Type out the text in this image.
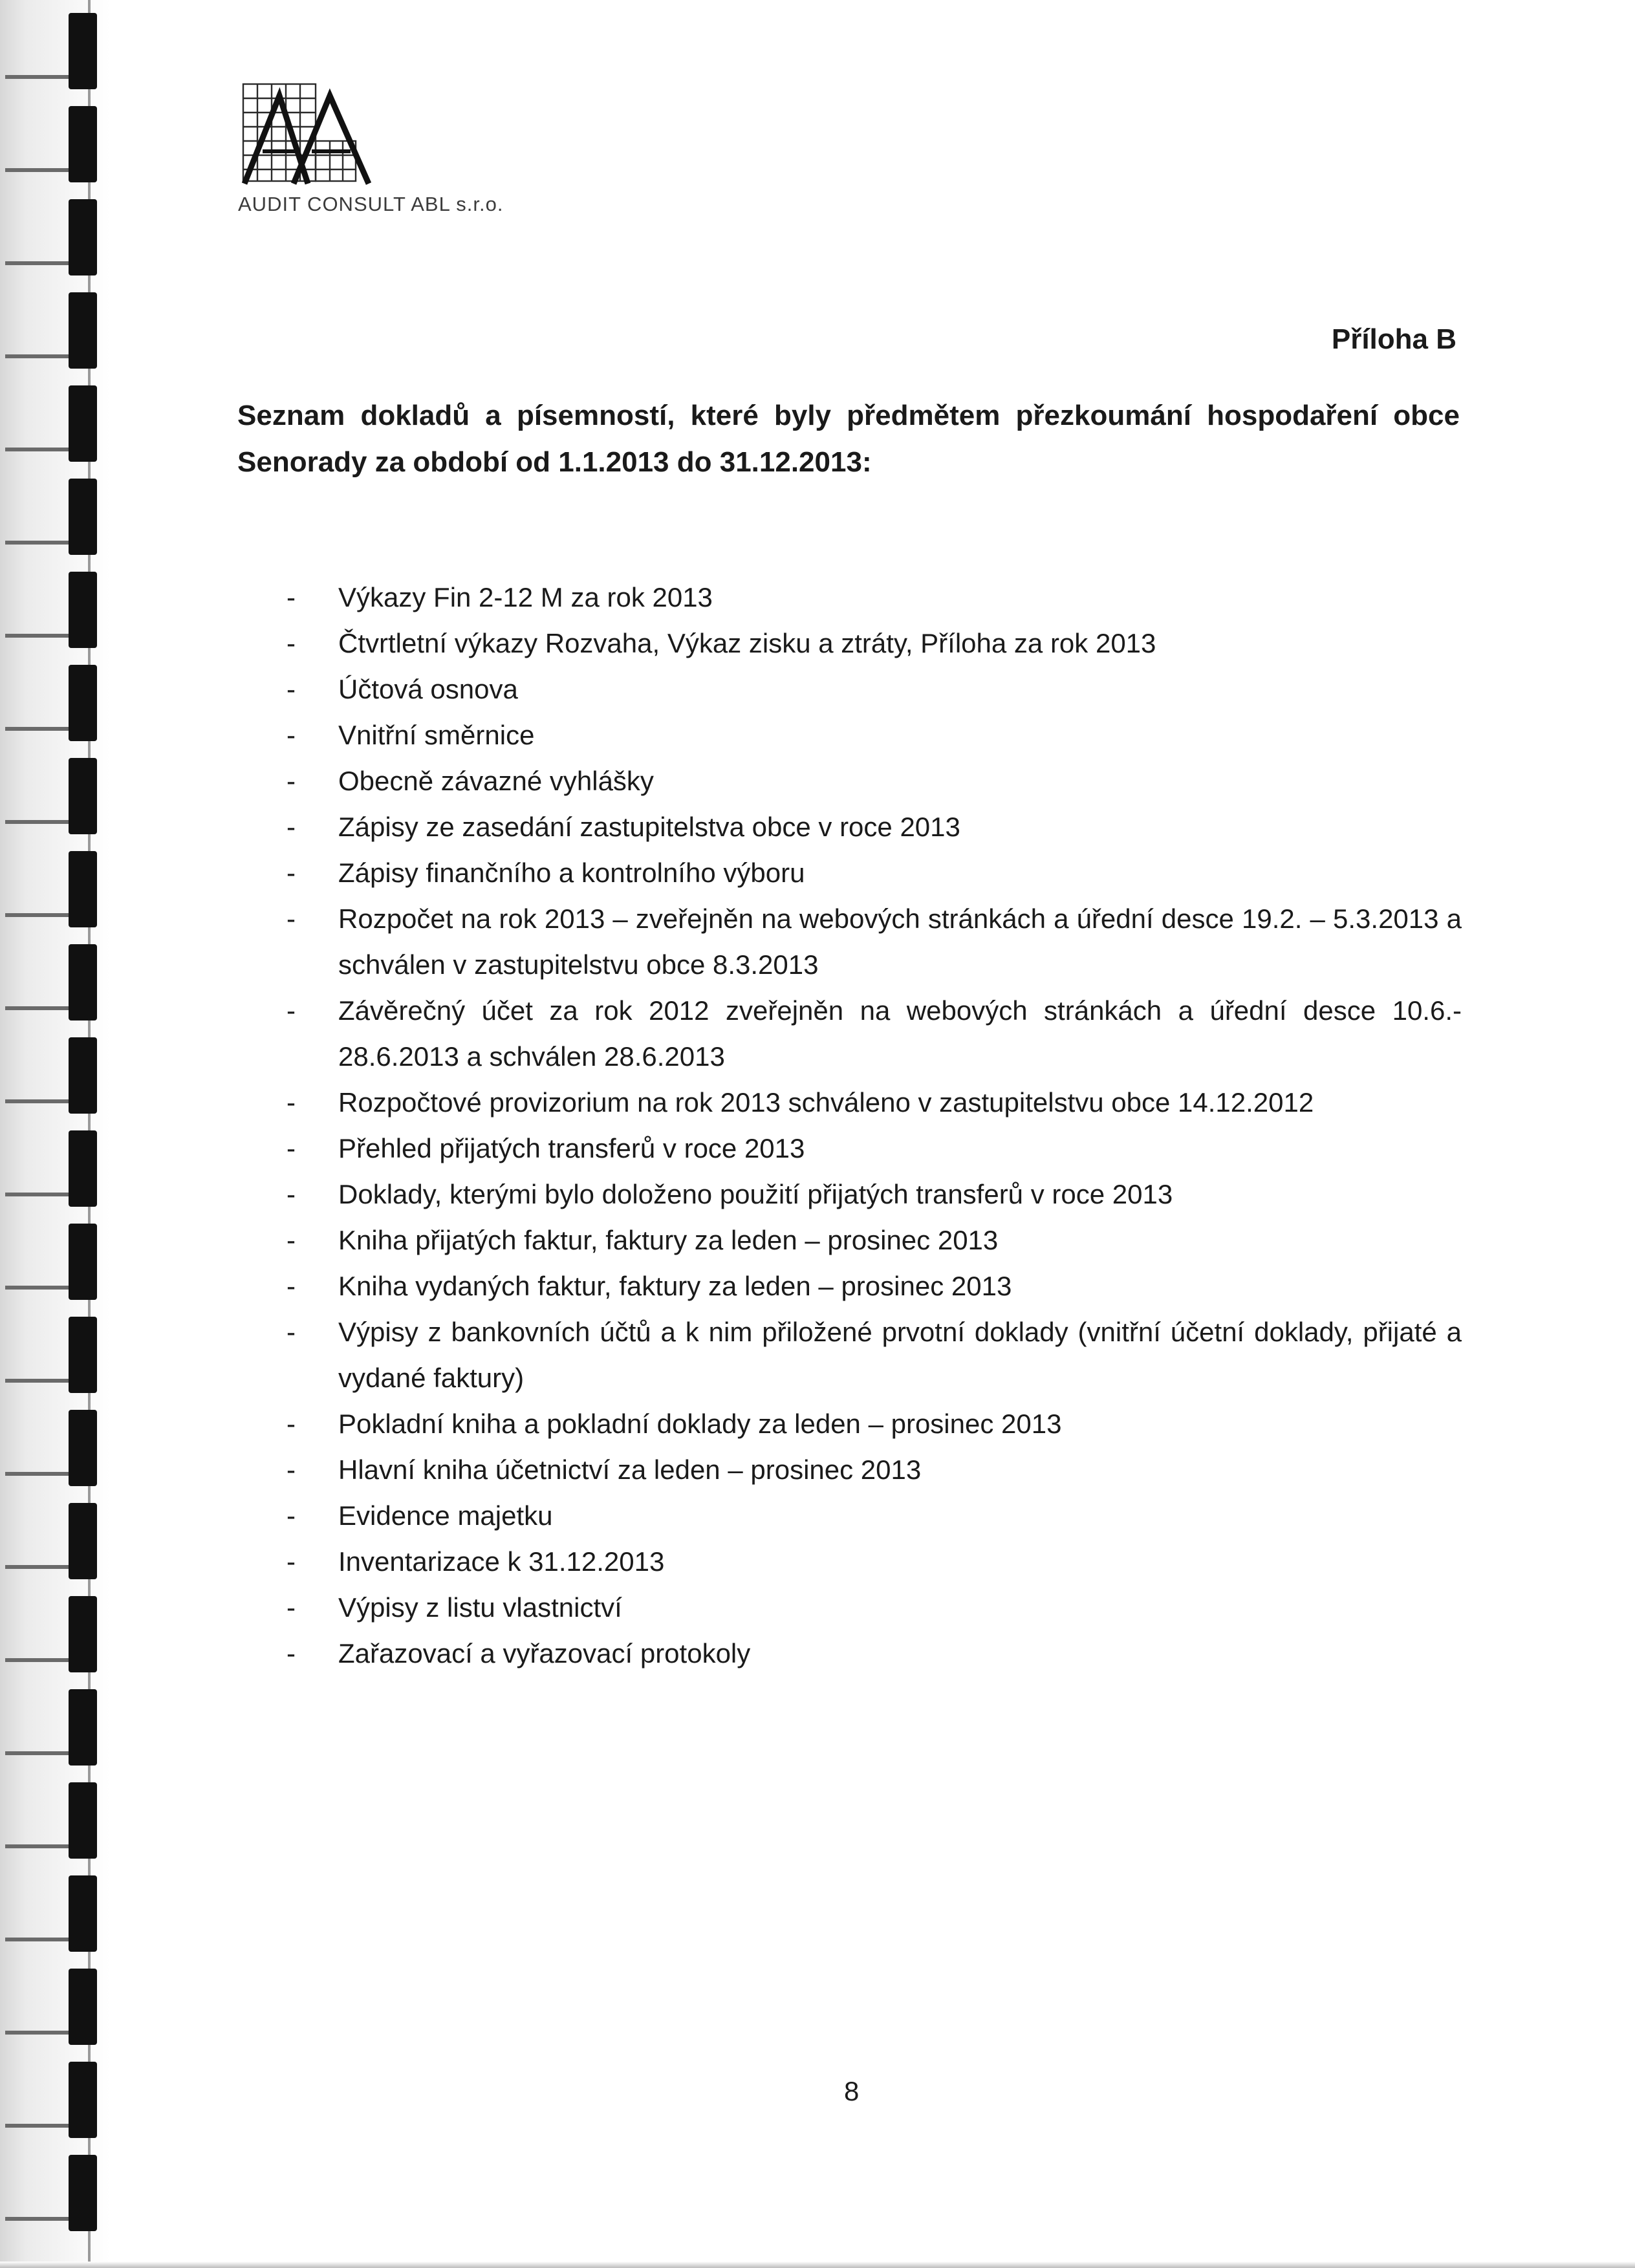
AUDIT CONSULT ABL s.r.o.
Příloha B
Seznam dokladů a písemností, které byly předmětem přezkoumání hospodaření obce Senorady za období od 1.1.2013 do 31.12.2013:
- Výkazy Fin 2-12 M za rok 2013
- Čtvrtletní výkazy Rozvaha, Výkaz zisku a ztráty, Příloha za rok 2013
- Účtová osnova
- Vnitřní směrnice
- Obecně závazné vyhlášky
- Zápisy ze zasedání zastupitelstva obce v roce 2013
- Zápisy finančního a kontrolního výboru
- Rozpočet na rok 2013 – zveřejněn na webových stránkách a úřední desce 19.2. – 5.3.2013 a schválen v zastupitelstvu obce 8.3.2013
- Závěrečný účet za rok 2012 zveřejněn na webových stránkách a úřední desce 10.6.- 28.6.2013 a schválen 28.6.2013
- Rozpočtové provizorium na rok 2013 schváleno v zastupitelstvu obce 14.12.2012
- Přehled přijatých transferů v roce 2013
- Doklady, kterými bylo doloženo použití přijatých transferů v roce 2013
- Kniha přijatých faktur, faktury za leden – prosinec 2013
- Kniha vydaných faktur, faktury za leden – prosinec 2013
- Výpisy z bankovních účtů a k nim přiložené prvotní doklady (vnitřní účetní doklady, přijaté a vydané faktury)
- Pokladní kniha a pokladní doklady za leden – prosinec 2013
- Hlavní kniha účetnictví za leden – prosinec 2013
- Evidence majetku
- Inventarizace k 31.12.2013
- Výpisy z listu vlastnictví
- Zařazovací a vyřazovací protokoly
8
